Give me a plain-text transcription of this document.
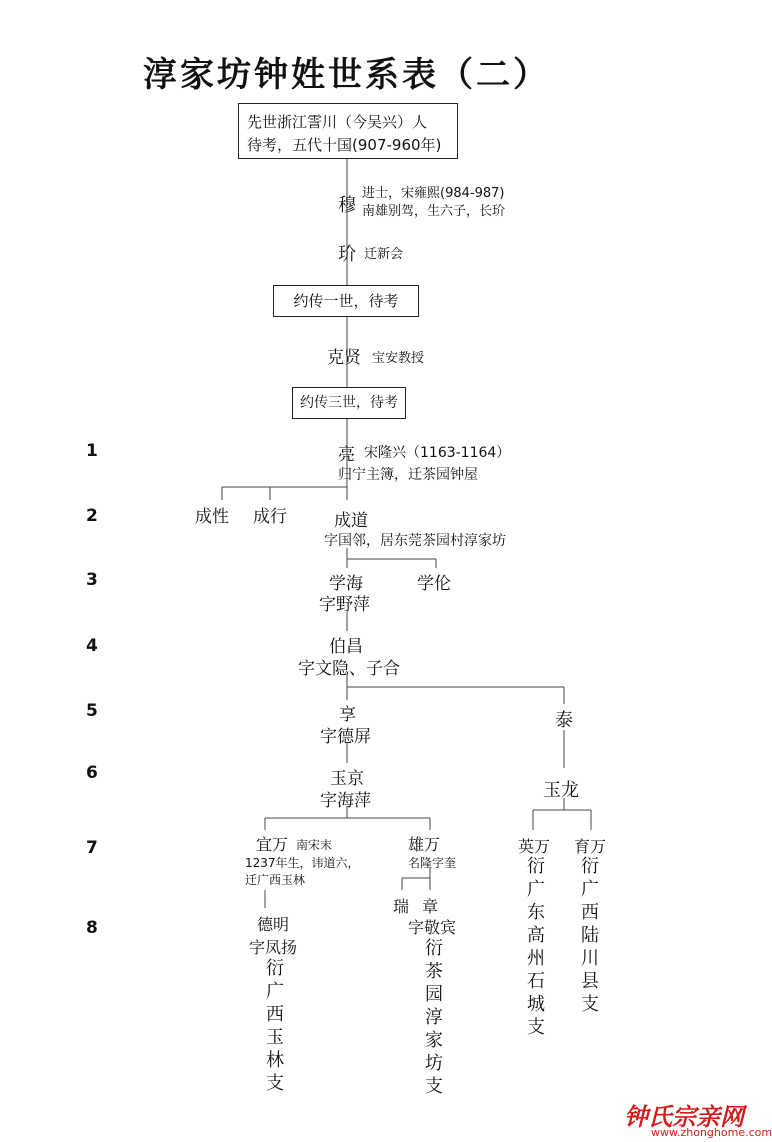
淳家坊钟姓世系表（二）
1
2
3
4
5
6
7
8
先世浙江霅川（今吴兴）人
待考，五代十国(907-960年)
穆
进士，宋雍熙(984-987)
南雄别驾，生六子，长玠
玠 迁新会
约传一世，待考
克贤 宝安教授
约传三世，待考
亮 宋隆兴（1163-1164）
归宁主簿，迁茶园钟屋
成性 成行	成道
字国邻，居东莞茶园村淳家坊
学海
字野萍
学伦
伯昌
字文隐、子合
享
字德屏
泰
玉京
字海萍	玉龙
宜万 南宋末
1237年生，讳道六，
迁广西玉林
雄万
名隆字奎
英万
衍广东高州石城支
育万
衍广西陆川县支
德明
字凤扬
衍广西玉林支
瑞 章
字敬宾
衍茶园淳家坊支
钟氏宗亲网
www.zhonghome.com
